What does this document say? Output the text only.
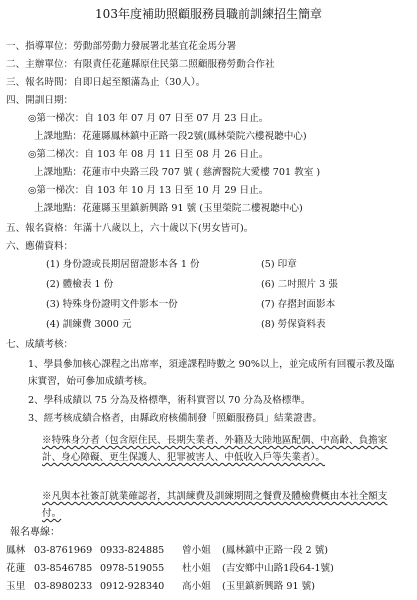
103年度補助照顧服務員職前訓練招生簡章
一、指導單位：勞動部勞動力發展署北基宜花金馬分署
二、主辦單位：有限責任花蓮縣原住民第二照顧服務勞動合作社
三、報名時間：自即日起至額滿為止（30人）。
四、開訓日期：
◎第一梯次：自 103 年 07 月 07 日至 07 月 23 日止。
上課地點：花蓮縣鳳林鎮中正路一段2號(鳳林榮院六樓視聽中心)
◎第二梯次：自 103 年 08 月 11 日至 08 月 26 日止。
上課地點：花蓮市中央路三段 707 號 ( 慈濟醫院大愛樓 701 教室 )
◎第一梯次：自 103 年 10 月 13 日至 10 月 29 日止。
上課地點：花蓮縣玉里鎮新興路 91 號 (玉里榮院二樓視聽中心)
五、報名資格：年滿十八歲以上，六十歲以下(男女皆可)。
六、應備資料：
(1) 身份證或長期居留證影本各 1 份	(5) 印章
(2) 體檢表 1 份	(6) 二吋照片 3 張
(3) 特殊身份證明文件影本一份	(7) 存摺封面影本
(4) 訓練費 3000 元	(8) 勞保資料表
七、成績考核：
1、學員參加核心課程之出席率，須達課程時數之 90%以上，並完成所有回覆示教及臨床實習，始可參加成績考核。
2、學科成績以 75 分為及格標準，術科實習以 70 分為及格標準。
3、經考核成績合格者，由縣政府核備制發「照顧服務員」結業證書。
※特殊身分者（包含原住民、長期失業者、外籍及大陸地區配偶、中高齡、負擔家計、身心障礙、更生保護人、犯罪被害人、中低收入戶等失業者）。
※凡與本社簽訂就業確認者，其訓練費及訓練期間之餐費及體檢費概由本社全額支付。
報名專線：
鳳林 03-8761969 0933-824885 曾小姐 (鳳林鎮中正路一段 2 號)
花蓮 03-8546785 0978-519055 杜小姐 (吉安鄉中山路1段64-1號)
玉里 03-8980233 0912-928340 高小姐 (玉里鎮新興路 91 號)
